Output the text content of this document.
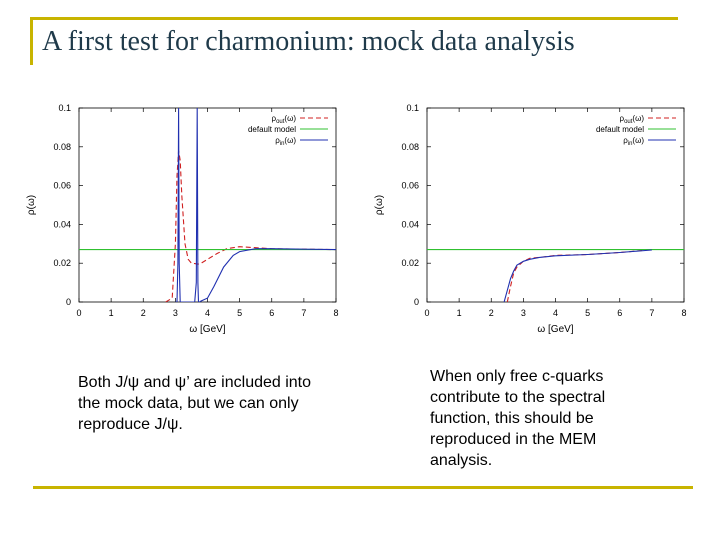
A first test for charmonium: mock data analysis
0	1	2	3	4	5	6	7	8
0
0.02
0.04
0.06
0.08
0.1
ω [GeV]
ρ(ω)
$\rho_{out}(\omega)$
default model
$\rho_{in}(\omega)$
0	1	2	3	4	5	6	7	8
0
0.02
0.04
0.06
0.08
0.1
ω [GeV]
ρ(ω)
$\rho_{out}(\omega)$
default model
$\rho_{in}(\omega)$
Both J/ψ and ψ’ are included into the mock data, but we can only reproduce J/ψ.
When only free c-quarks contribute to the spectral function, this should be reproduced in the MEM analysis.
